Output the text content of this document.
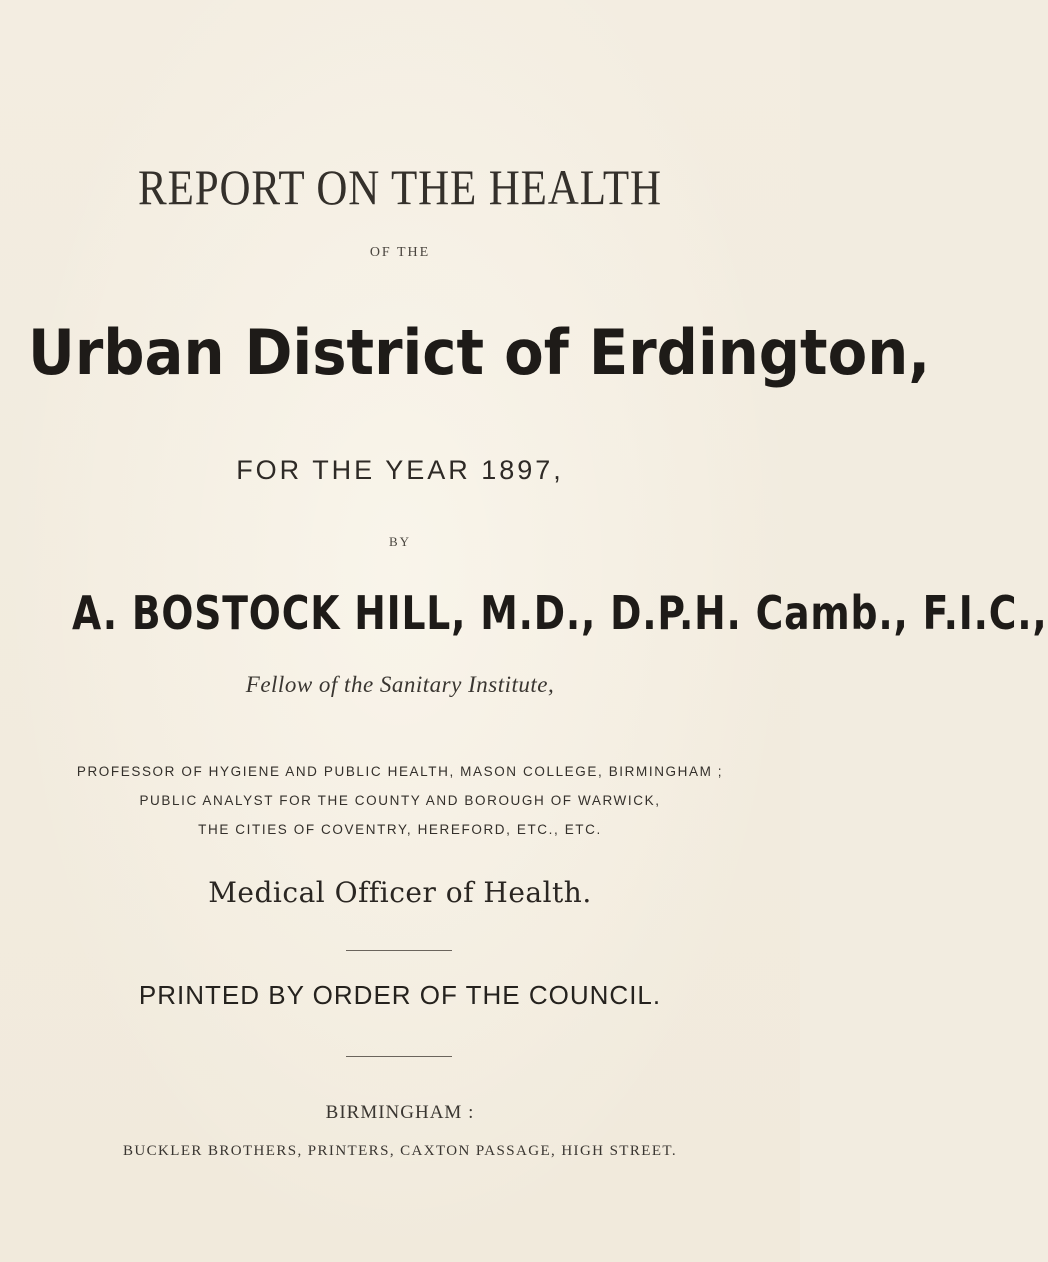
REPORT ON THE HEALTH
OF THE
Urban District of Erdington,
FOR THE YEAR 1897,
BY
A. BOSTOCK HILL, M.D., D.P.H. Camb., F.I.C.,
Fellow of the Sanitary Institute,
PROFESSOR OF HYGIENE AND PUBLIC HEALTH, MASON COLLEGE, BIRMINGHAM ;
PUBLIC ANALYST FOR THE COUNTY AND BOROUGH OF WARWICK,
THE CITIES OF COVENTRY, HEREFORD, ETC., ETC.
Medical Officer of Health.
PRINTED BY ORDER OF THE COUNCIL.
BIRMINGHAM :
BUCKLER BROTHERS, PRINTERS, CAXTON PASSAGE, HIGH STREET.
